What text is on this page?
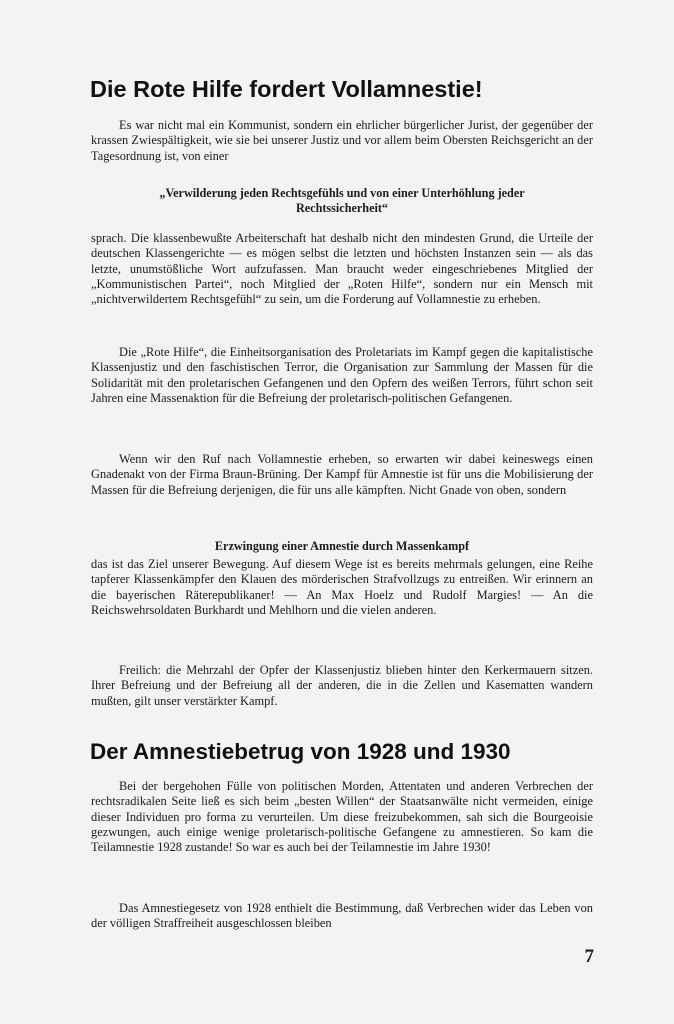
Die Rote Hilfe fordert Vollamnestie!

Es war nicht mal ein Kommunist, sondern ein ehrlicher bürgerlicher Jurist, der gegenüber der krassen Zwiespältigkeit, wie sie bei unserer Justiz und vor allem beim Obersten Reichsgericht an der Tagesordnung ist, von einer

„Verwilderung jeden Rechtsgefühls und von einer Unterhöhlung jeder Rechtssicherheit“

sprach. Die klassenbewußte Arbeiterschaft hat deshalb nicht den mindesten Grund, die Urteile der deutschen Klassengerichte — es mögen selbst die letzten und höchsten Instanzen sein — als das letzte, unumstößliche Wort aufzufassen. Man braucht weder eingeschriebenes Mitglied der „Kommunistischen Partei“, noch Mitglied der „Roten Hilfe“, sondern nur ein Mensch mit „nichtverwildertem Rechtsgefühl“ zu sein, um die Forderung auf Vollamnestie zu erheben.

Die „Rote Hilfe“, die Einheitsorganisation des Proletariats im Kampf gegen die kapitalistische Klassenjustiz und den faschistischen Terror, die Organisation zur Sammlung der Massen für die Solidarität mit den proletarischen Gefangenen und den Opfern des weißen Terrors, führt schon seit Jahren eine Massenaktion für die Befreiung der proletarisch-politischen Gefangenen.

Wenn wir den Ruf nach Vollamnestie erheben, so erwarten wir dabei keineswegs einen Gnadenakt von der Firma Braun-Brüning. Der Kampf für Amnestie ist für uns die Mobilisierung der Massen für die Befreiung derjenigen, die für uns alle kämpften. Nicht Gnade von oben, sondern

Erzwingung einer Amnestie durch Massenkampf

das ist das Ziel unserer Bewegung. Auf diesem Wege ist es bereits mehrmals gelungen, eine Reihe tapferer Klassenkämpfer den Klauen des mörderischen Strafvollzugs zu entreißen. Wir erinnern an die bayerischen Räterepublikaner! — An Max Hoelz und Rudolf Margies! — An die Reichswehrsoldaten Burkhardt und Mehlhorn und die vielen anderen.

Freilich: die Mehrzahl der Opfer der Klassenjustiz blieben hinter den Kerkermauern sitzen. Ihrer Befreiung und der Befreiung all der anderen, die in die Zellen und Kasematten wandern mußten, gilt unser verstärkter Kampf.

Der Amnestiebetrug von 1928 und 1930

Bei der bergehohen Fülle von politischen Morden, Attentaten und anderen Verbrechen der rechtsradikalen Seite ließ es sich beim „besten Willen“ der Staatsanwälte nicht vermeiden, einige dieser Individuen pro forma zu verurteilen. Um diese freizubekommen, sah sich die Bourgeoisie gezwungen, auch einige wenige proletarisch-politische Gefangene zu amnestieren. So kam die Teilamnestie 1928 zustande! So war es auch bei der Teilamnestie im Jahre 1930!

Das Amnestiegesetz von 1928 enthielt die Bestimmung, daß Verbrechen wider das Leben von der völligen Straffreiheit ausgeschlossen bleiben

7
